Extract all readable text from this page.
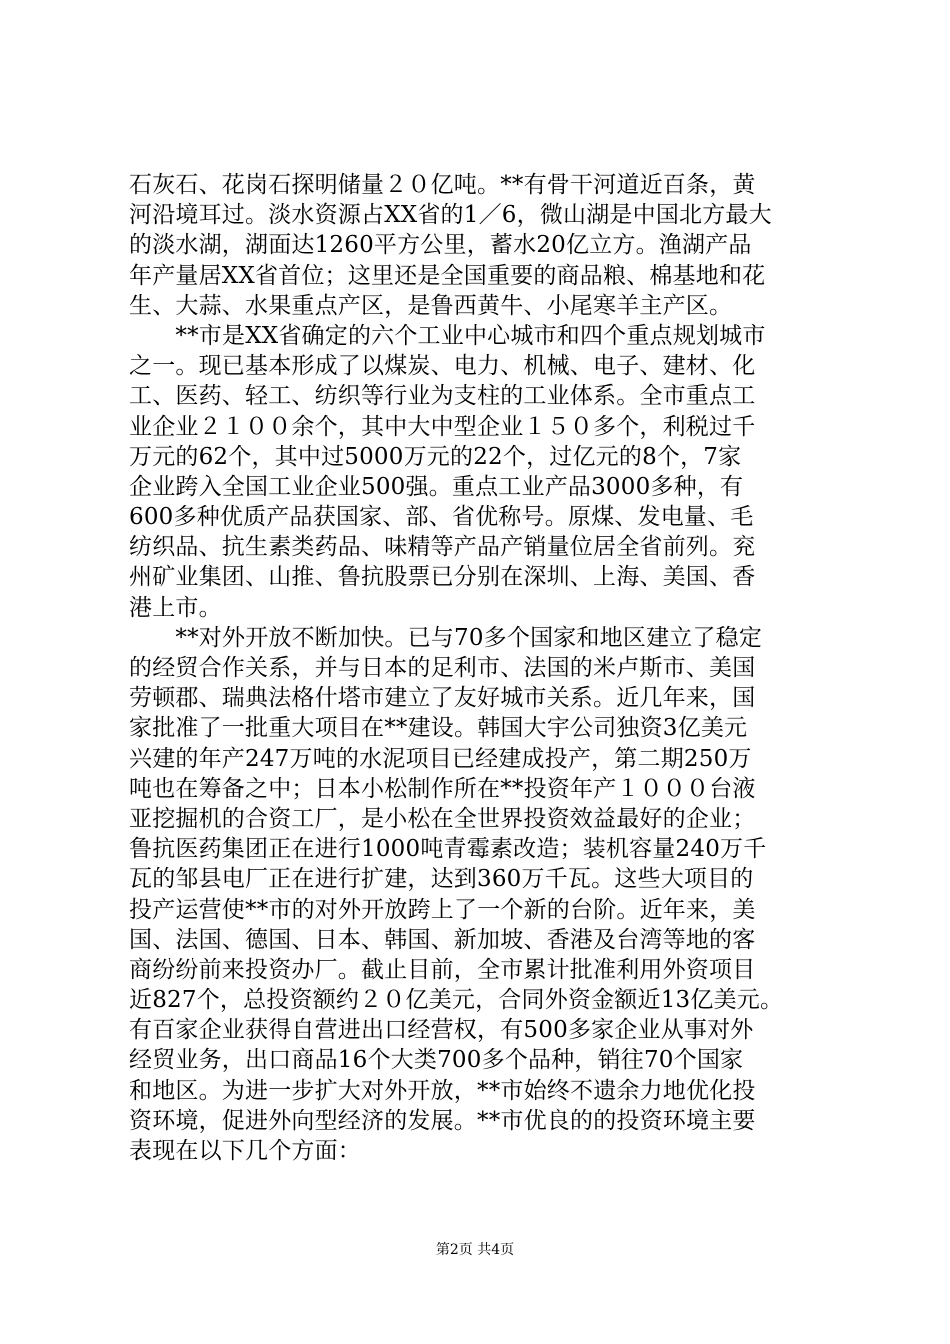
石灰石、花岗石探明储量２０亿吨。**有骨干河道近百条，黄
河沿境耳过。淡水资源占XX省的1／6，微山湖是中国北方最大
的淡水湖，湖面达1260平方公里，蓄水20亿立方。渔湖产品
年产量居XX省首位；这里还是全国重要的商品粮、棉基地和花
生、大蒜、水果重点产区，是鲁西黄牛、小尾寒羊主产区。
　　**市是XX省确定的六个工业中心城市和四个重点规划城市
之一。现已基本形成了以煤炭、电力、机械、电子、建材、化
工、医药、轻工、纺织等行业为支柱的工业体系。全市重点工
业企业２１００余个，其中大中型企业１５０多个，利税过千
万元的62个，其中过5000万元的22个，过亿元的8个，7家
企业跨入全国工业企业500强。重点工业产品3000多种，有
600多种优质产品获国家、部、省优称号。原煤、发电量、毛
纺织品、抗生素类药品、味精等产品产销量位居全省前列。兖
州矿业集团、山推、鲁抗股票已分别在深圳、上海、美国、香
港上市。
　　**对外开放不断加快。已与70多个国家和地区建立了稳定
的经贸合作关系，并与日本的足利市、法国的米卢斯市、美国
劳顿郡、瑞典法格什塔市建立了友好城市关系。近几年来，国
家批准了一批重大项目在**建设。韩国大宇公司独资3亿美元
兴建的年产247万吨的水泥项目已经建成投产，第二期250万
吨也在筹备之中；日本小松制作所在**投资年产１０００台液
亚挖掘机的合资工厂，是小松在全世界投资效益最好的企业；
鲁抗医药集团正在进行1000吨青霉素改造；装机容量240万千
瓦的邹县电厂正在进行扩建，达到360万千瓦。这些大项目的
投产运营使**市的对外开放跨上了一个新的台阶。近年来，美
国、法国、德国、日本、韩国、新加坡、香港及台湾等地的客
商纷纷前来投资办厂。截止目前，全市累计批准利用外资项目
近827个，总投资额约２０亿美元，合同外资金额近13亿美元。
有百家企业获得自营进出口经营权，有500多家企业从事对外
经贸业务，出口商品16个大类700多个品种，销往70个国家
和地区。为进一步扩大对外开放，**市始终不遗余力地优化投
资环境，促进外向型经济的发展。**市优良的的投资环境主要
表现在以下几个方面：
第2页 共4页
